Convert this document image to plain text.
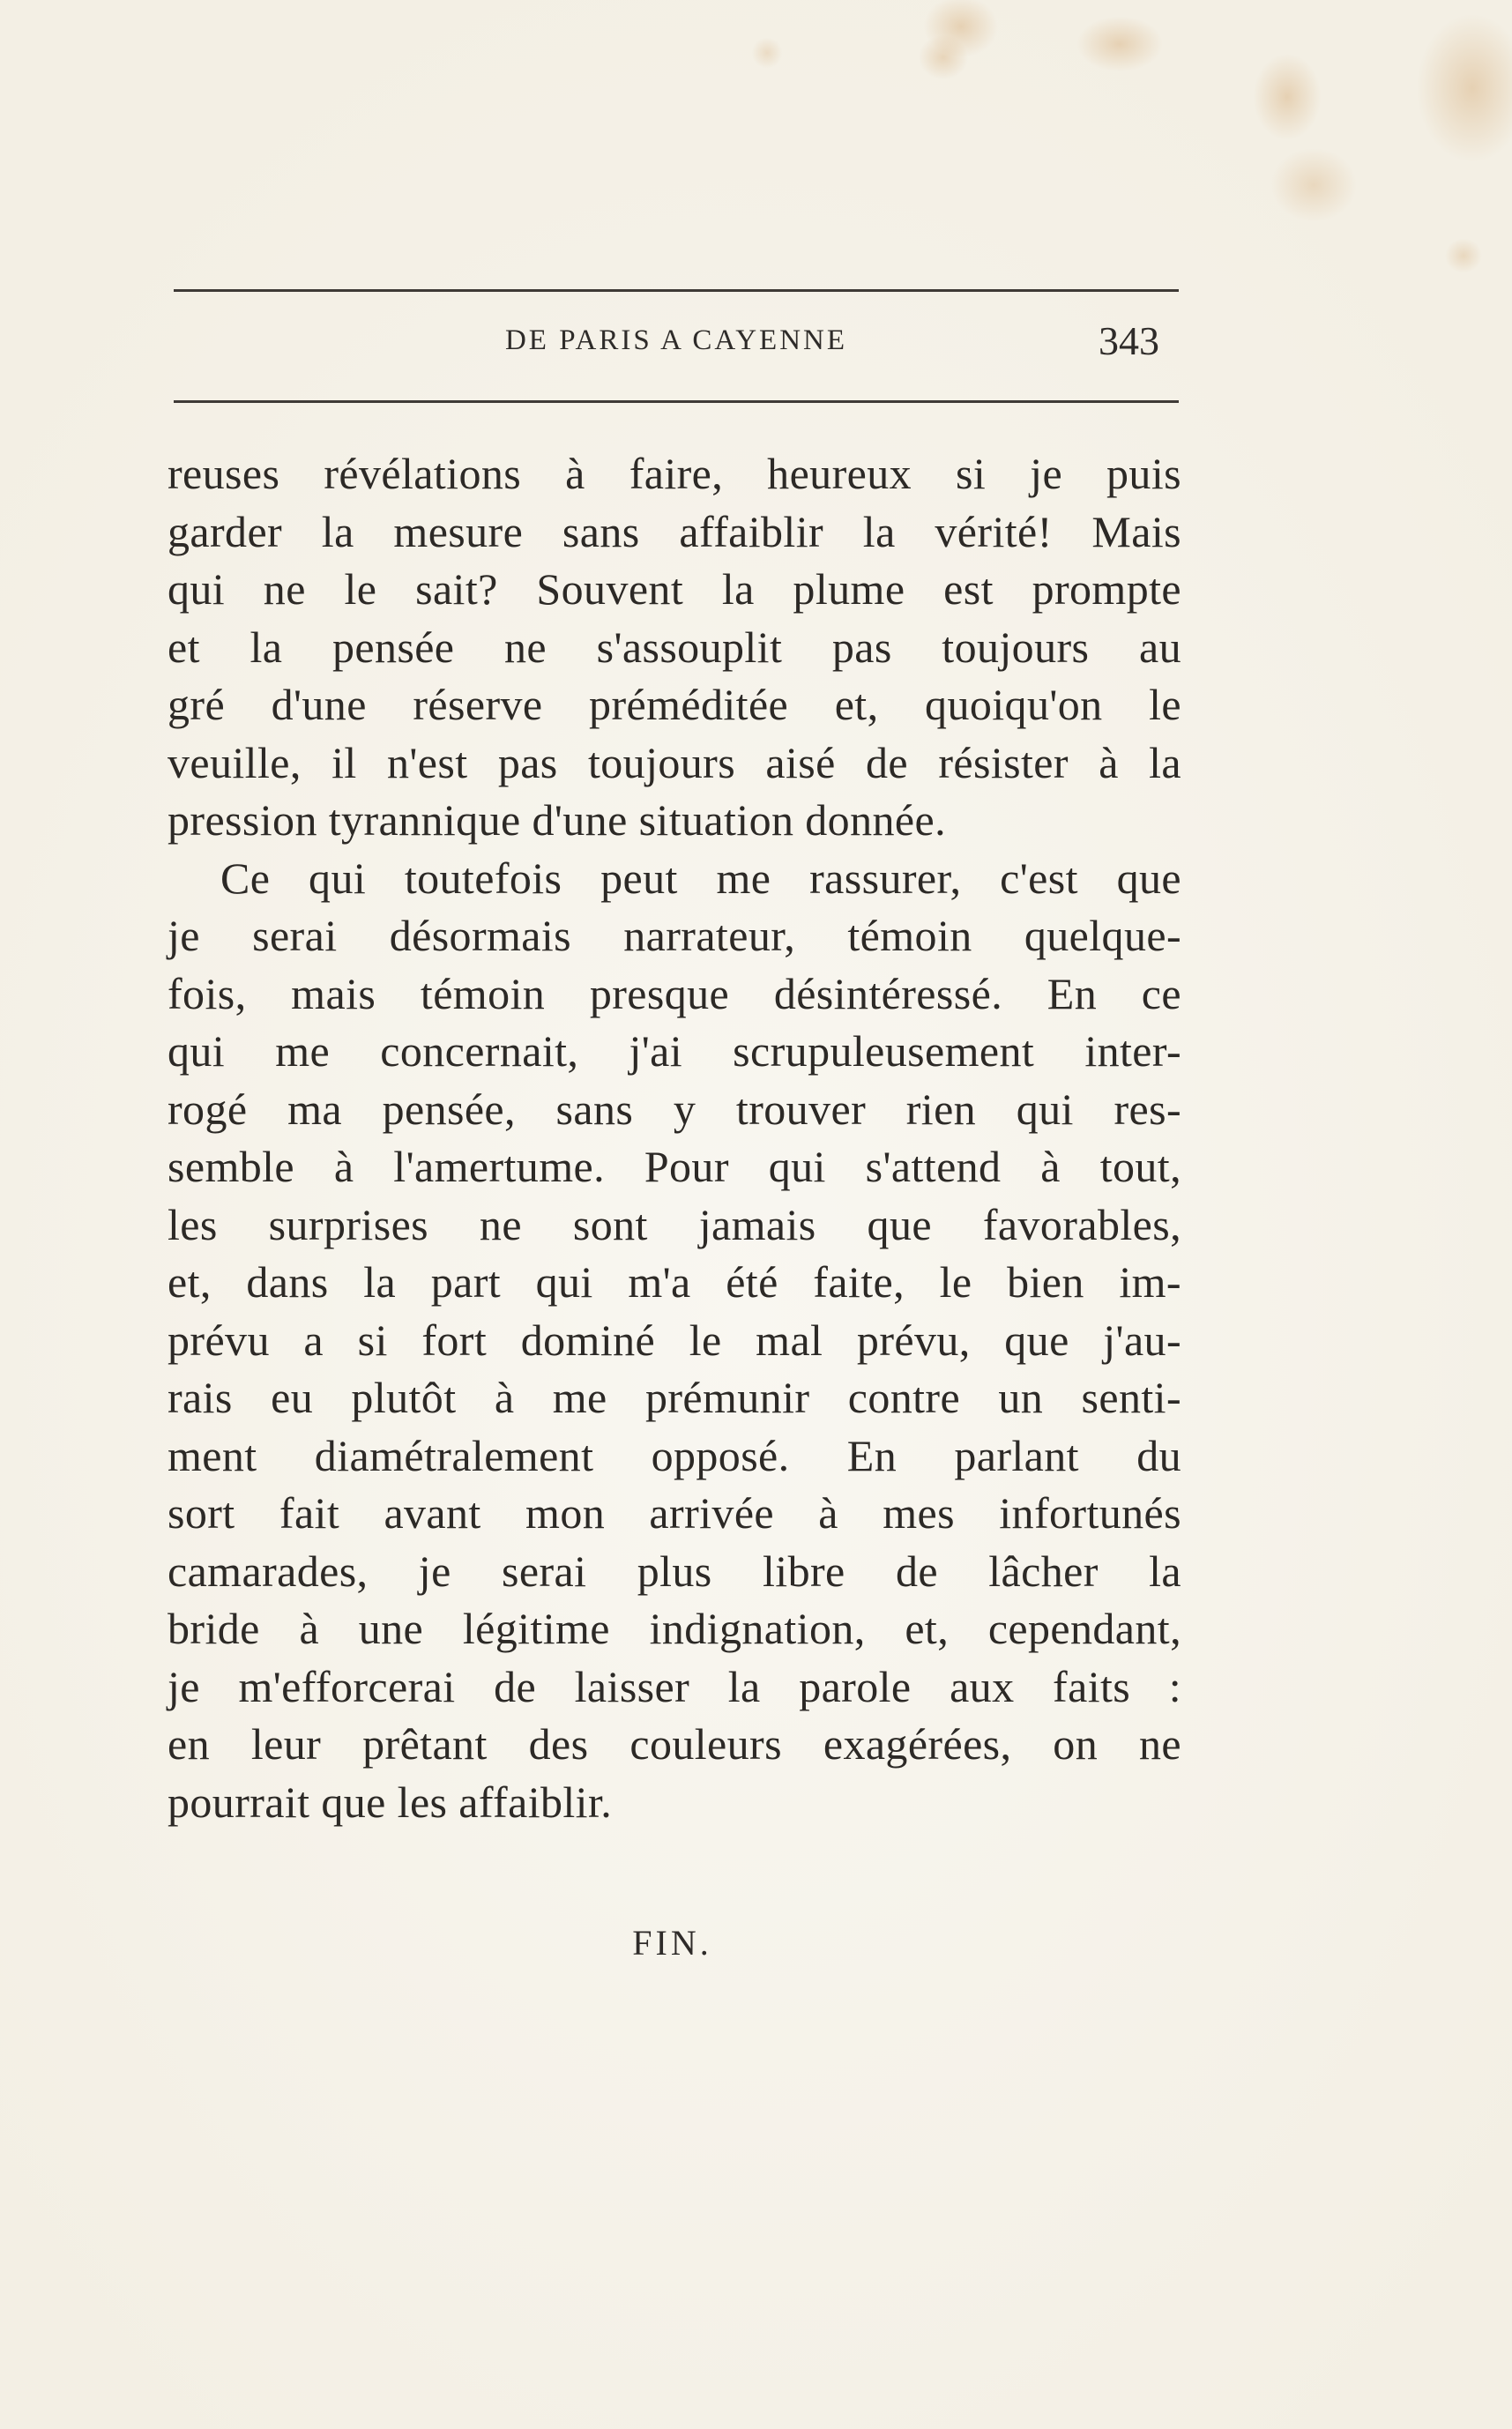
DE PARIS A CAYENNE	343
reuses révélations à faire, heureux si je puis
garder la mesure sans affaiblir la vérité! Mais
qui ne le sait? Souvent la plume est prompte
et la pensée ne s'assouplit pas toujours au
gré d'une réserve préméditée et, quoiqu'on le
veuille, il n'est pas toujours aisé de résister à la
pression tyrannique d'une situation donnée.
Ce qui toutefois peut me rassurer, c'est que
je serai désormais narrateur, témoin quelque-
fois, mais témoin presque désintéressé. En ce
qui me concernait, j'ai scrupuleusement inter-
rogé ma pensée, sans y trouver rien qui res-
semble à l'amertume. Pour qui s'attend à tout,
les surprises ne sont jamais que favorables,
et, dans la part qui m'a été faite, le bien im-
prévu a si fort dominé le mal prévu, que j'au-
rais eu plutôt à me prémunir contre un senti-
ment diamétralement opposé. En parlant du
sort fait avant mon arrivée à mes infortunés
camarades, je serai plus libre de lâcher la
bride à une légitime indignation, et, cependant,
je m'efforcerai de laisser la parole aux faits :
en leur prêtant des couleurs exagérées, on ne
pourrait que les affaiblir.
FIN.
